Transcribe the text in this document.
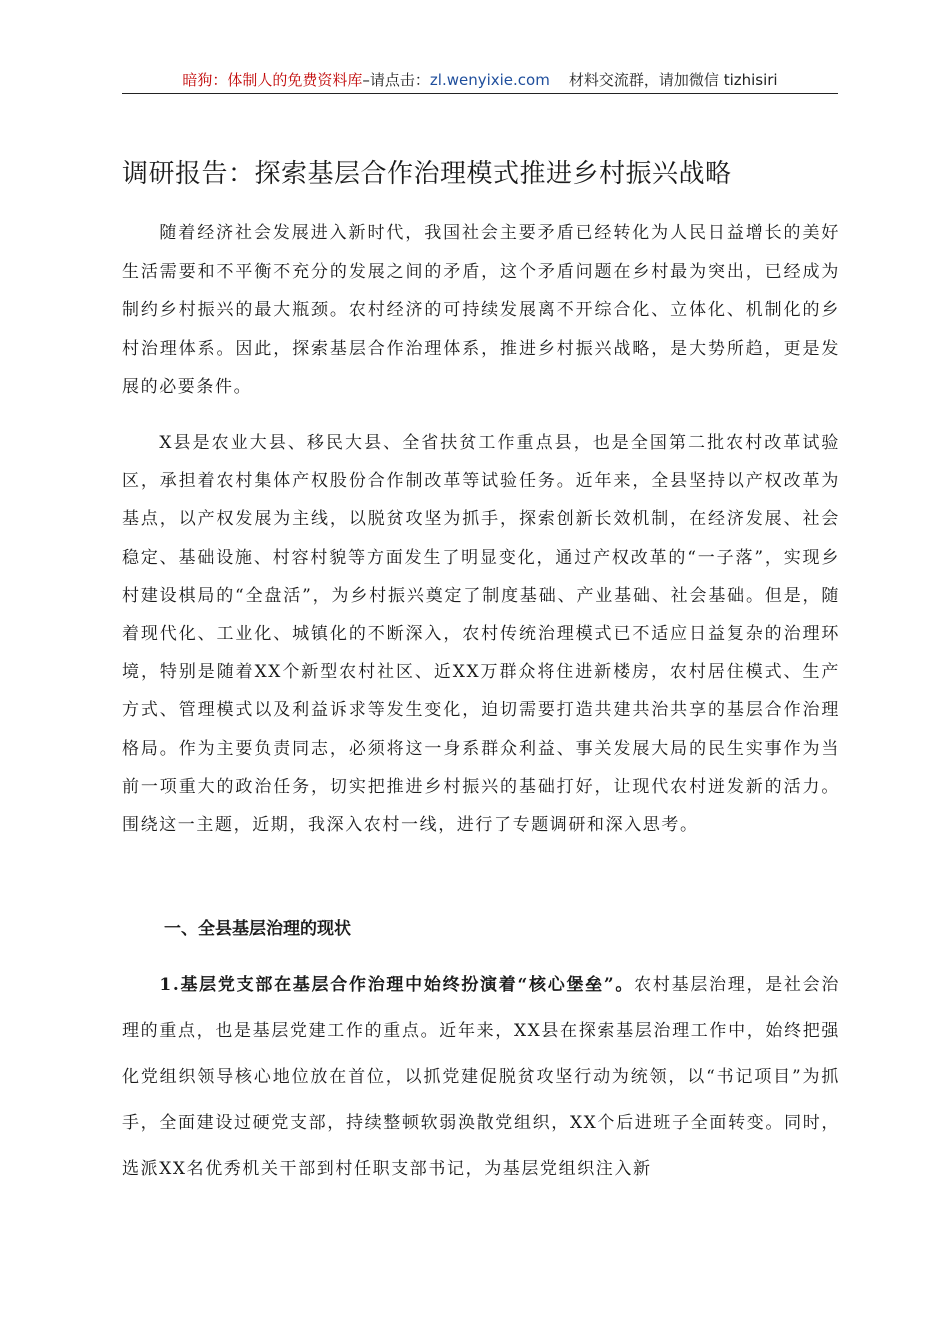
暗狗：体制人的免费资料库–请点击：zl.wenyixie.com 材料交流群，请加微信 tizhisiri
调研报告：探索基层合作治理模式推进乡村振兴战略
随着经济社会发展进入新时代，我国社会主要矛盾已经转化为人民日益增长的美好生活需要和不平衡不充分的发展之间的矛盾，这个矛盾问题在乡村最为突出，已经成为制约乡村振兴的最大瓶颈。农村经济的可持续发展离不开综合化、立体化、机制化的乡村治理体系。因此，探索基层合作治理体系，推进乡村振兴战略，是大势所趋，更是发展的必要条件。
X县是农业大县、移民大县、全省扶贫工作重点县，也是全国第二批农村改革试验区，承担着农村集体产权股份合作制改革等试验任务。近年来，全县坚持以产权改革为基点，以产权发展为主线，以脱贫攻坚为抓手，探索创新长效机制，在经济发展、社会稳定、基础设施、村容村貌等方面发生了明显变化，通过产权改革的“一子落”，实现乡村建设棋局的“全盘活”，为乡村振兴奠定了制度基础、产业基础、社会基础。但是，随着现代化、工业化、城镇化的不断深入，农村传统治理模式已不适应日益复杂的治理环境，特别是随着XX个新型农村社区、近XX万群众将住进新楼房，农村居住模式、生产方式、管理模式以及利益诉求等发生变化，迫切需要打造共建共治共享的基层合作治理格局。作为主要负责同志，必须将这一身系群众利益、事关发展大局的民生实事作为当前一项重大的政治任务，切实把推进乡村振兴的基础打好，让现代农村迸发新的活力。围绕这一主题，近期，我深入农村一线，进行了专题调研和深入思考。
一、全县基层治理的现状
1.基层党支部在基层合作治理中始终扮演着“核心堡垒”。农村基层治理，是社会治理的重点，也是基层党建工作的重点。近年来，XX县在探索基层治理工作中，始终把强化党组织领导核心地位放在首位，以抓党建促脱贫攻坚行动为统领，以“书记项目”为抓手，全面建设过硬党支部，持续整顿软弱涣散党组织，XX个后进班子全面转变。同时，选派XX名优秀机关干部到村任职支部书记，为基层党组织注入新
